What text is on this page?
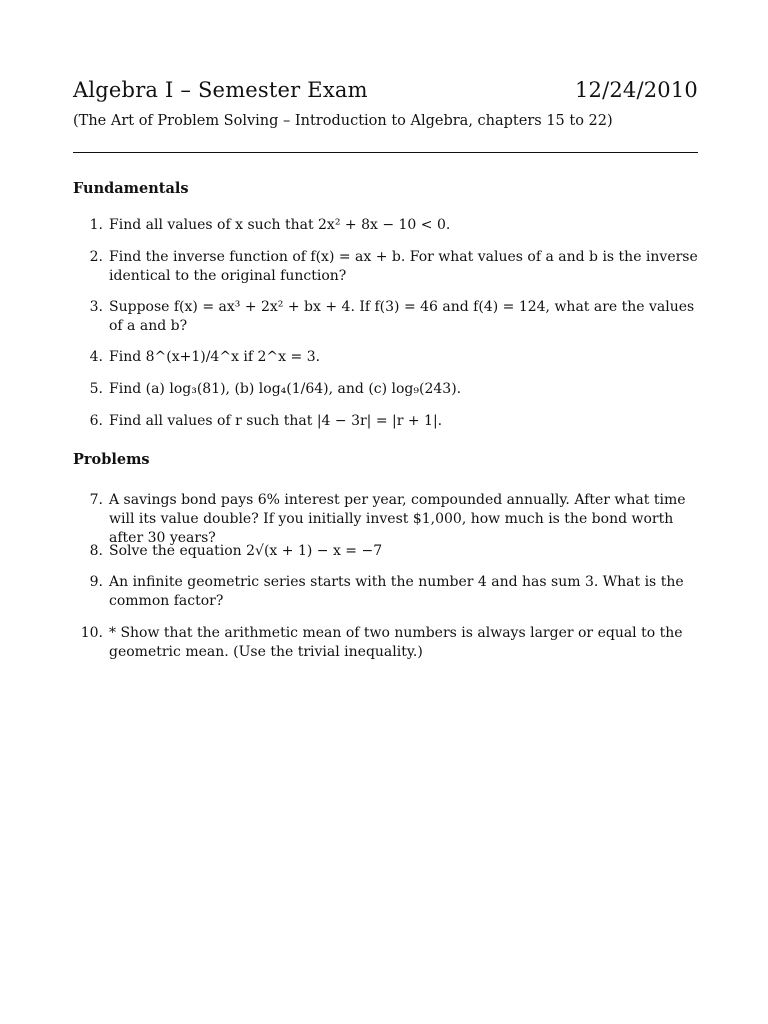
Algebra I – Semester Exam	12/24/2010
(The Art of Problem Solving – Introduction to Algebra, chapters 15 to 22)
Fundamentals
1. Find all values of x such that 2x² + 8x − 10 < 0.
2. Find the inverse function of f(x) = ax + b. For what values of a and b is the inverse identical to the original function?
3. Suppose f(x) = ax³ + 2x² + bx + 4. If f(3) = 46 and f(4) = 124, what are the values of a and b?
4. Find 8^(x+1)/4^x if 2^x = 3.
5. Find (a) log₃(81), (b) log₄(1/64), and (c) log₉(243).
6. Find all values of r such that |4 − 3r| = |r + 1|.
Problems
7. A savings bond pays 6% interest per year, compounded annually. After what time will its value double? If you initially invest $1,000, how much is the bond worth after 30 years?
8. Solve the equation 2√(x + 1) − x = −7
9. An infinite geometric series starts with the number 4 and has sum 3. What is the common factor?
10. * Show that the arithmetic mean of two numbers is always larger or equal to the geometric mean. (Use the trivial inequality.)
